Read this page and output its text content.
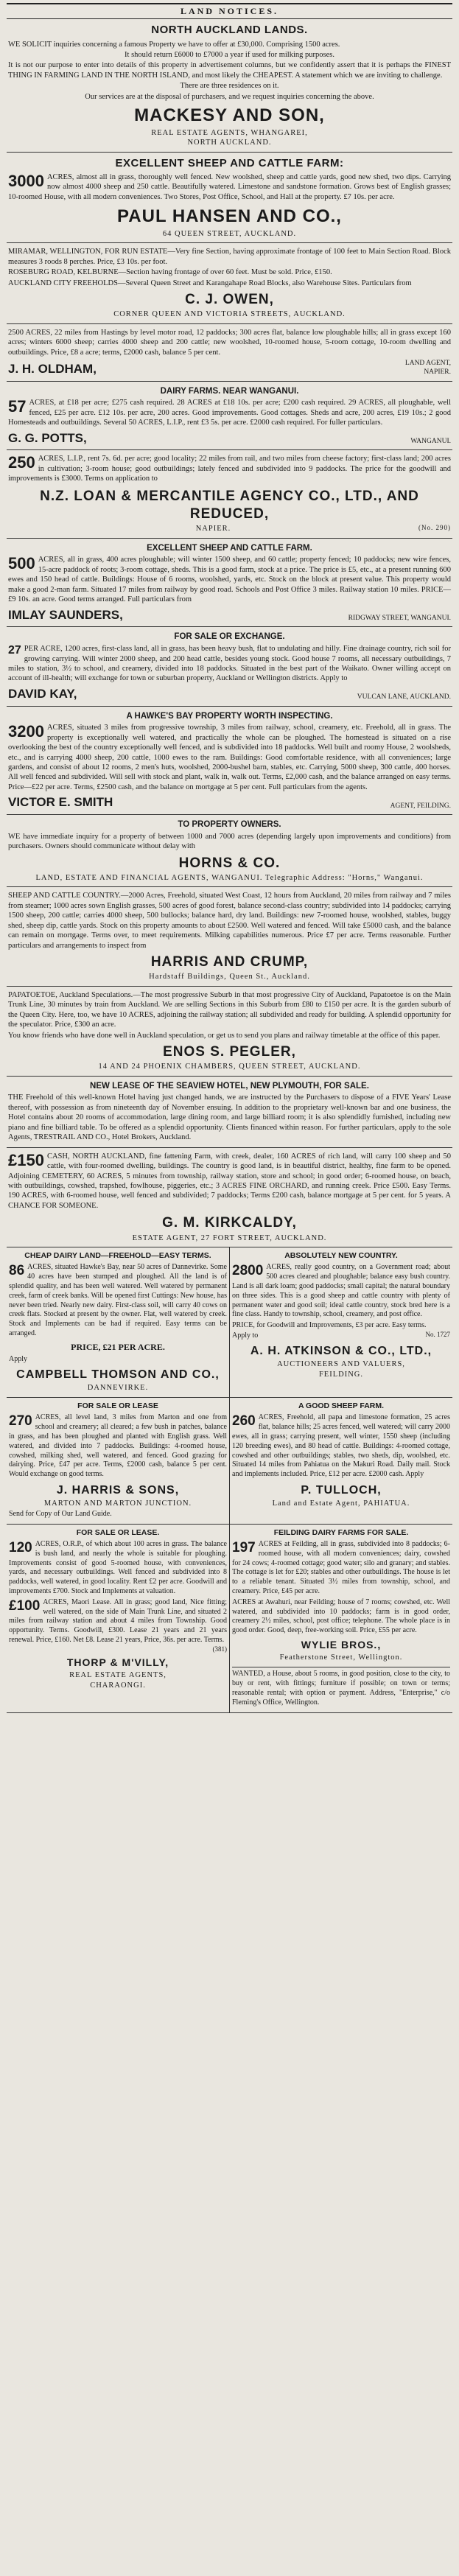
LAND NOTICES.
NORTH AUCKLAND LANDS.

WE SOLICIT inquiries concerning a famous Property we have to offer at £30,000. Comprising 1500 acres.

It should return £6000 to £7000 a year if used for milking purposes.

It is not our purpose to enter into details of this property in advertisement columns, but we confidently assert that it is perhaps the FINEST THING IN FARMING LAND IN THE NORTH ISLAND, and most likely the CHEAPEST. A statement which we are inviting to challenge.

There are three residences on it.

Our services are at the disposal of purchasers, and we request inquiries concerning the above.

MACKESY AND SON,
REAL ESTATE AGENTS, WHANGAREI,
NORTH AUCKLAND.
EXCELLENT SHEEP AND CATTLE FARM:

3000 ACRES, almost all in grass, thoroughly well fenced. New woolshed, sheep and cattle yards, good new shed, two dips. Carrying now almost 4000 sheep and 250 cattle. Beautifully watered. Limestone and sandstone formation. Grows best of English grasses; 10-roomed House, with all modern conveniences. Two Stores, Post Office, School, and Hall at the property. £7 10s. per acre.

PAUL HANSEN AND CO.,
64 QUEEN STREET, AUCKLAND.

MIRAMAR, WELLINGTON, FOR RUN ESTATE—Very fine Section, having approximate frontage of 100 feet to Main Section Road. Block measures 3 roods 8 perches. Price, £3 10s. per foot.

ROSEBURG ROAD, KELBURNE—Section having frontage of over 60 feet. Must be sold. Price, £150.

AUCKLAND CITY FREEHOLDS—Several Queen Street and Karangahape Road Blocks, also Warehouse Sites. Particulars from

C. J. OWEN,
CORNER QUEEN AND VICTORIA STREETS, AUCKLAND.

2500 ACRES, 22 miles from Hastings by level motor road, 12 paddocks; 300 acres flat, balance low ploughable hills; all in grass except 160 acres; winters 6000 sheep; carries 4000 sheep and 200 cattle; new woolshed, 10-roomed house, 5-room cottage, 10-room dwelling and outbuildings. Price, £8 a acre; terms, £2000 cash, balance 5 per cent.

J. H. OLDHAM,	LAND AGENT,
NAPIER.
DAIRY FARMS. NEAR WANGANUI.

57 ACRES, at £18 per acre; £275 cash required. 28 ACRES at £18 10s. per acre; £200 cash required. 29 ACRES, all ploughable, well fenced, £25 per acre. £12 10s. per acre, 200 acres. Good improvements. Good cottages. Sheds and acre, 200 acres, £19 10s.; 2 good Homesteads and outbuildings. Several 50 ACRES, L.I.P., rent £3 5s. per acre. £2000 cash required. For fuller particulars.

G. G. POTTS,	WANGANUI.

250 ACRES, L.I.P., rent 7s. 6d. per acre; good locality; 22 miles from rail, and two miles from cheese factory; first-class land; 200 acres in cultivation; 3-room house; good outbuildings; lately fenced and subdivided into 9 paddocks. The price for the goodwill and improvements is £3000. Terms on application to

N.Z. LOAN & MERCANTILE AGENCY CO., LTD., AND REDUCED,
NAPIER.	(No. 290)
EXCELLENT SHEEP AND CATTLE FARM.

500 ACRES, all in grass, 400 acres ploughable; will winter 1500 sheep, and 60 cattle; property fenced; 10 paddocks; new wire fences, 15-acre paddock of roots; 3-room cottage, sheds. This is a good farm, stock at a price. The price is £5, etc., at a present running 600 ewes and 150 head of cattle. Buildings: House of 6 rooms, woolshed, yards, etc. Stock on the block at present value. This property would make a good 2-man farm. Situated 17 miles from railway by good road. Schools and Post Office 3 miles. Railway station 10 miles. PRICE—£9 10s. an acre. Good terms arranged. Full particulars from

IMLAY SAUNDERS,	RIDGWAY STREET, WANGANUI.
FOR SALE OR EXCHANGE.

27 PER ACRE, 1200 acres, first-class land, all in grass, has been heavy bush, flat to undulating and hilly. Fine drainage country, rich soil for growing carrying. Will winter 2000 sheep, and 200 head cattle, besides young stock. Good house 7 rooms, all necessary outbuildings, 7 miles to station, 3½ to school, and creamery, divided into 18 paddocks. Situated in the best part of the Waikato. Owner willing accept on account of ill-health; will exchange for town or suburban property, Auckland or Wellington districts. Apply to

DAVID KAY,	VULCAN LANE, AUCKLAND.
A HAWKE'S BAY PROPERTY WORTH INSPECTING.

3200 ACRES, situated 3 miles from progressive township, 3 miles from railway, school, creamery, etc. Freehold, all in grass. The property is exceptionally well watered, and practically the whole can be ploughed. The homestead is situated on a rise overlooking the best of the country exceptionally well fenced, and is subdivided into 18 paddocks. Well built and roomy House, 2 woolsheds, etc., and is carrying 4000 sheep, 200 cattle, 1000 ewes to the ram. Buildings: Good comfortable residence, with all conveniences; large gardens, and consist of about 12 rooms, 2 men's huts, woolshed, 2000-bushel barn, stables, etc. Carrying, 5000 sheep, 300 cattle, 400 horses. All well fenced and subdivided. Will sell with stock and plant, walk in, walk out. Terms, £2,000 cash, and the balance arranged on easy terms. Price—£22 per acre. Terms, £2500 cash, and the balance on mortgage at 5 per cent. Full particulars from the agents.

VICTOR E. SMITH	AGENT, FEILDING.
TO PROPERTY OWNERS.

WE have immediate inquiry for a property of between 1000 and 7000 acres (depending largely upon improvements and conditions) from purchasers. Owners should communicate without delay with

HORNS & CO.
LAND, ESTATE AND FINANCIAL AGENTS, WANGANUI. Telegraphic Address: "Horns," Wanganui.

SHEEP AND CATTLE COUNTRY.—2000 Acres, Freehold, situated West Coast, 12 hours from Auckland, 20 miles from railway and 7 miles from steamer; 1000 acres sown English grasses, 500 acres of good forest, balance second-class country; subdivided into 14 paddocks; carrying 1500 sheep, 200 cattle; carries 4000 sheep, 500 bullocks; balance hard, dry land. Buildings: new 7-roomed house, woolshed, stables, buggy shed, sheep dip, cattle yards. Stock on this property amounts to about £2500. Well watered and fenced. Will take £5000 cash, and the balance can remain on mortgage. Terms over, to meet requirements. Milking capabilities numerous. Price £7 per acre. Terms reasonable. Further particulars and arrangements to inspect from

HARRIS AND CRUMP,
Hardstaff Buildings, Queen St., Auckland.

PAPATOETOE, Auckland Speculations.—The most progressive Suburb in that most progressive City of Auckland, Papatoetoe is on the Main Trunk Line, 30 minutes by train from Auckland. We are selling Sections in this Suburb from £80 to £150 per acre. It is the garden suburb of the Queen City. Here, too, we have 10 ACRES, adjoining the railway station; all subdivided and ready for building. A splendid opportunity for the speculator. Price, £300 an acre.

You know friends who have done well in Auckland speculation, or get us to send you plans and railway timetable at the office of this paper.

ENOS S. PEGLER,
14 AND 24 PHOENIX CHAMBERS, QUEEN STREET, AUCKLAND.
NEW LEASE OF THE SEAVIEW HOTEL, NEW PLYMOUTH, FOR SALE.

THE Freehold of this well-known Hotel having just changed hands, we are instructed by the Purchasers to dispose of a FIVE Years' Lease thereof, with possession as from nineteenth day of November ensuing. In addition to the proprietary well-known bar and one business, the Hotel contains about 20 rooms of accommodation, large dining room, and large billiard room; it is also splendidly furnished, including new piano and fine billiard table. To be offered as a splendid opportunity. Clients financed within reason. For further particulars, apply to the sole Agents, TRESTRAIL AND CO., Hotel Brokers, Auckland.

£150 CASH, NORTH AUCKLAND, fine fattening Farm, with creek, dealer, 160 ACRES of rich land, will carry 100 sheep and 50 cattle, with four-roomed dwelling, buildings. The country is good land, is in beautiful district, healthy, fine farm to be opened. Adjoining CEMETERY, 60 ACRES, 5 minutes from township, railway station, store and school; in good order; 6-roomed house, on beach, with outbuildings, cowshed, trapshed, fowlhouse, piggeries, etc.; 3 ACRES FINE ORCHARD, and running creek. Price £500. Easy Terms. 190 ACRES, with 6-roomed house, well fenced and subdivided; 7 paddocks; Terms £200 cash, balance mortgage at 5 per cent. for 5 years. A CHANCE FOR SOMEONE.

G. M. KIRKCALDY,
ESTATE AGENT, 27 FORT STREET, AUCKLAND.
CHEAP DAIRY LAND—FREEHOLD—EASY TERMS.

86 ACRES, situated Hawke's Bay, near 50 acres of Dannevirke. Some 40 acres have been stumped and ploughed. All the land is of splendid quality, and has been well watered. Well watered by permanent creek, farm of creek banks. Will be opened first Cuttings: New house, has never been tried. Nearly new dairy. First-class soil, will carry 40 cows on creek flats. Stocked at present by the owner. Flat, well watered by creek. Stock and Implements can be had if required. Easy terms can be arranged.

PRICE, £21 PER ACRE.

Apply

CAMPBELL THOMSON AND CO.,
DANNEVIRKE.
ABSOLUTELY NEW COUNTRY.

2800 ACRES, really good country, on a Government road; about 500 acres cleared and ploughable; balance easy bush country. Land is all dark loam; good paddocks; small capital; the natural boundary on three sides. This is a good sheep and cattle country with plenty of permanent water and good soil; ideal cattle country, stock bred here is a fine class. Handy to township, school, creamery, and post office.

PRICE, for Goodwill and Improvements, £3 per acre. Easy terms.
No. 1727

Apply to

A. H. ATKINSON & CO., LTD.,
AUCTIONEERS AND VALUERS,
FEILDING.
FOR SALE OR LEASE

270 ACRES, all level land, 3 miles from Marton and one from school and creamery; all cleared; a few bush in patches, balance in grass, and has been ploughed and planted with English grass. Well watered, and divided into 7 paddocks. Buildings: 4-roomed house, cowshed, milking shed, well watered, and fenced. Good grazing for dairying. Price, £47 per acre. Terms, £2000 cash, balance 5 per cent. Would exchange on good terms.

J. HARRIS & SONS,
MARTON AND MARTON JUNCTION.

Send for Copy of Our Land Guide.

A GOOD SHEEP FARM.

260 ACRES, Freehold, all papa and limestone formation, 25 acres flat, balance hills; 25 acres fenced, well watered; will carry 2000 ewes, all in grass; carrying present, well winter, 1550 sheep (including 120 breeding ewes), and 80 head of cattle. Buildings: 4-roomed cottage, cowshed and other outbuildings; stables, two sheds, dip, woolshed, etc. Situated 14 miles from Pahiatua on the Makuri Road. Daily mail. Stock and implements included. Price, £12 per acre. £2000 cash. Apply

P. TULLOCH,
Land and Estate Agent, PAHIATUA.
FOR SALE OR LEASE.

120 ACRES, O.R.P., of which about 100 acres in grass. The balance is bush land, and nearly the whole is suitable for ploughing. Improvements consist of good 5-roomed house, with conveniences, yards, and necessary outbuildings. Well fenced and subdivided into 8 paddocks, well watered, in good locality. Rent £2 per acre. Goodwill and improvements £700. Stock and Implements at valuation.

£100 ACRES, Maori Lease. All in grass; good land, Nice fitting; well watered, on the side of Main Trunk Line, and situated 2 miles from railway station and about 4 miles from Township. Good opportunity. Terms. Goodwill, £300. Lease 21 years and 21 years renewal. Price, £160. Net £8. Lease 21 years, Price, 36s. per acre. Terms.
(381)

THORP & M'VILLY,
REAL ESTATE AGENTS,
CHARAONGI.
FEILDING DAIRY FARMS FOR SALE.

197 ACRES at Feilding, all in grass, subdivided into 8 paddocks; 6-roomed house, with all modern conveniences; dairy, cowshed for 24 cows; 4-roomed cottage; good water; silo and granary; and stables. The cottage is let for £20; stables and other outbuildings. The house is let to a reliable tenant. Situated 3½ miles from township, school, and creamery. Price, £45 per acre.

ACRES at Awahuri, near Feilding; house of 7 rooms; cowshed, etc. Well watered, and subdivided into 10 paddocks; farm is in good order, creamery 2½ miles, school, post office; telephone. The whole place is in good order. Good, deep, free-working soil. Price, £55 per acre.

WYLIE BROS.,
Featherstone Street, Wellington.

WANTED, a House, about 5 rooms, in good position, close to the city, to buy or rent, with fittings; furniture if possible; on town or terms; reasonable rental; with option or payment. Address, "Enterprise," c/o Fleming's Office, Wellington.
